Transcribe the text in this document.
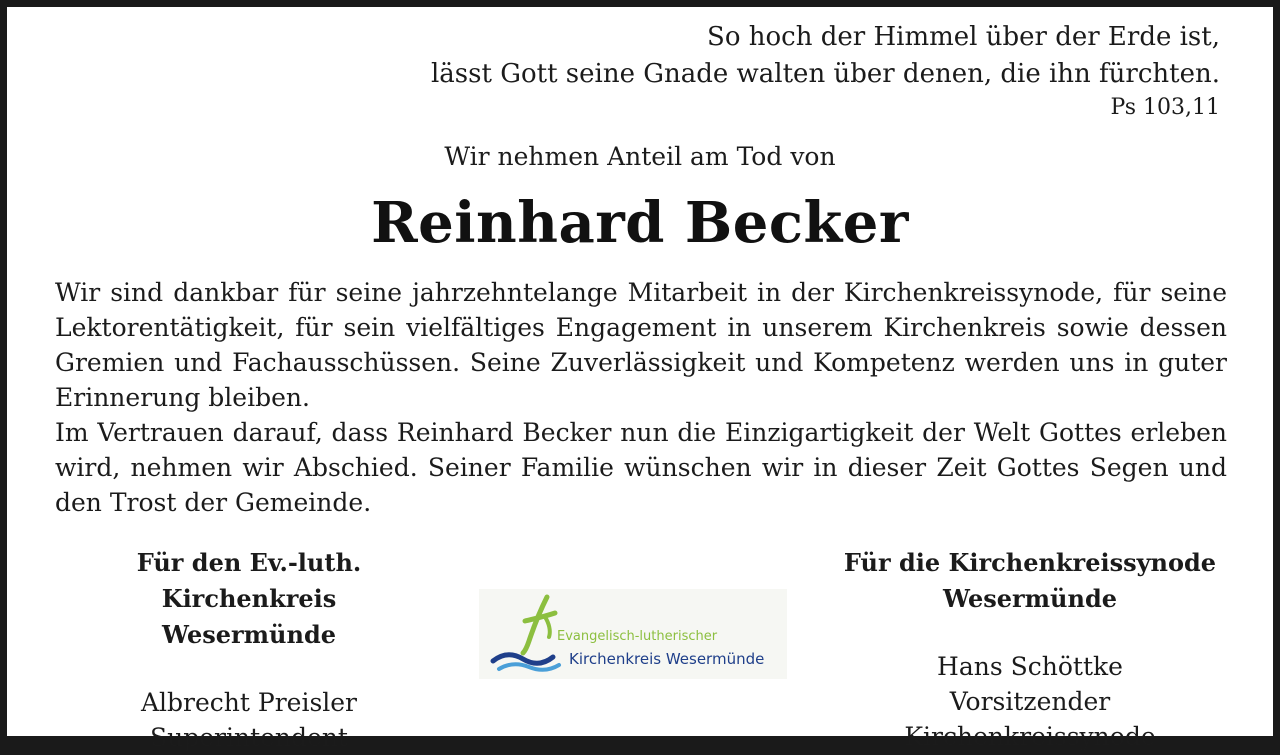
So hoch der Himmel über der Erde ist,
lässt Gott seine Gnade walten über denen, die ihn fürchten.
Ps 103,11
Wir nehmen Anteil am Tod von
Reinhard Becker

Wir sind dankbar für seine jahrzehntelange Mitarbeit in der Kirchenkreissynode, für seine Lektorentätigkeit, für sein vielfältiges Engagement in unserem Kirchenkreis sowie dessen Gremien und Fachausschüssen. Seine Zuverlässigkeit und Kompetenz werden uns in guter Erinnerung bleiben.

Im Vertrauen darauf, dass Reinhard Becker nun die Einzigartigkeit der Welt Gottes erleben wird, nehmen wir Abschied. Seiner Familie wünschen wir in dieser Zeit Gottes Segen und den Trost der Gemeinde.

Für den Ev.-luth. Kirchenkreis
Wesermünde
Albrecht Preisler
Superintendent
Evangelisch-lutherischer
Kirchenkreis Wesermünde
Für die Kirchenkreissynode
Wesermünde
Hans Schöttke
Vorsitzender Kirchenkreissynode
